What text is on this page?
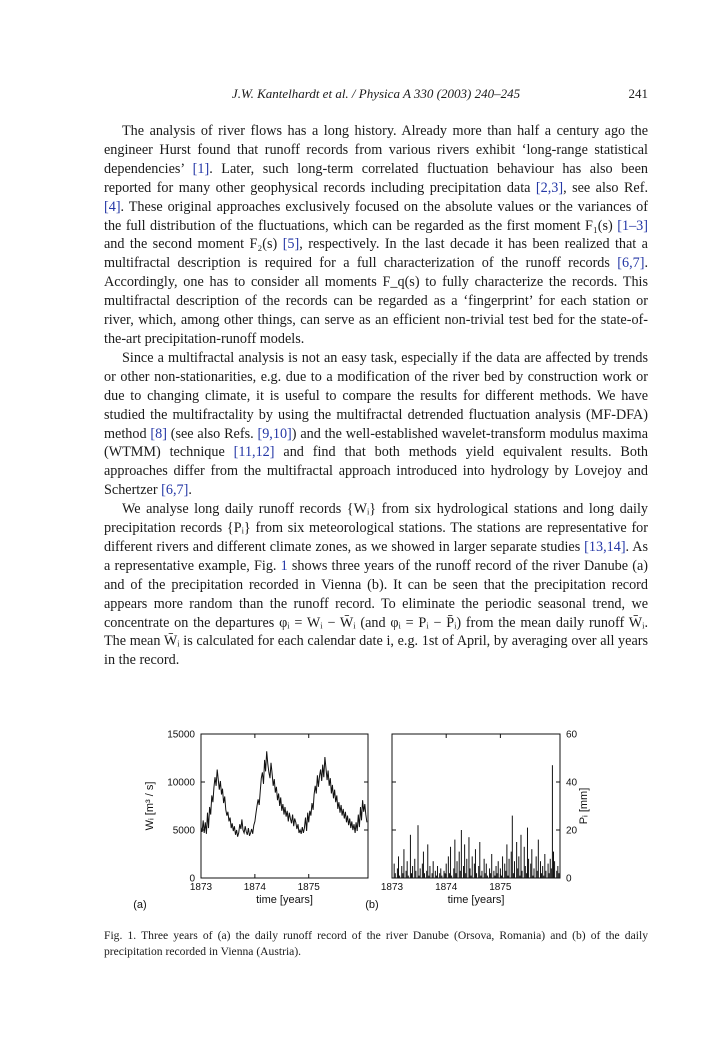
J.W. Kantelhardt et al. / Physica A 330 (2003) 240–245	241

The analysis of river flows has a long history. Already more than half a century ago the engineer Hurst found that runoff records from various rivers exhibit ‘long-range statistical dependencies’ [1]. Later, such long-term correlated fluctuation behaviour has also been reported for many other geophysical records including precipitation data [2,3], see also Ref. [4]. These original approaches exclusively focused on the absolute values or the variances of the full distribution of the fluctuations, which can be regarded as the first moment F₁(s) [1–3] and the second moment F₂(s) [5], respectively. In the last decade it has been realized that a multifractal description is required for a full characterization of the runoff records [6,7]. Accordingly, one has to consider all moments F_q(s) to fully characterize the records. This multifractal description of the records can be regarded as a ‘fingerprint’ for each station or river, which, among other things, can serve as an efficient non-trivial test bed for the state-of-the-art precipitation-runoff models.

Since a multifractal analysis is not an easy task, especially if the data are affected by trends or other non-stationarities, e.g. due to a modification of the river bed by construction work or due to changing climate, it is useful to compare the results for different methods. We have studied the multifractality by using the multifractal detrended fluctuation analysis (MF-DFA) method [8] (see also Refs. [9,10]) and the well-established wavelet-transform modulus maxima (WTMM) technique [11,12] and find that both methods yield equivalent results. Both approaches differ from the multifractal approach introduced into hydrology by Lovejoy and Schertzer [6,7].

We analyse long daily runoff records {Wᵢ} from six hydrological stations and long daily precipitation records {Pᵢ} from six meteorological stations. The stations are representative for different rivers and different climate zones, as we showed in larger separate studies [13,14]. As a representative example, Fig. 1 shows three years of the runoff record of the river Danube (a) and of the precipitation recorded in Vienna (b). It can be seen that the precipitation record appears more random than the runoff record. To eliminate the periodic seasonal trend, we concentrate on the departures φᵢ = Wᵢ − W̄ᵢ (and φᵢ = Pᵢ − P̄ᵢ) from the mean daily runoff W̄ᵢ. The mean W̄ᵢ is calculated for each calendar date i, e.g. 1st of April, by averaging over all years in the record.

0
5000
10000
15000
1873	1874	1875
time [years]
Wᵢ [m³ / s]
(a)
0
20
40
60
1873	1874	1875
time [years]
Pᵢ [mm]
(b)
Fig. 1. Three years of (a) the daily runoff record of the river Danube (Orsova, Romania) and (b) of the daily precipitation recorded in Vienna (Austria).
